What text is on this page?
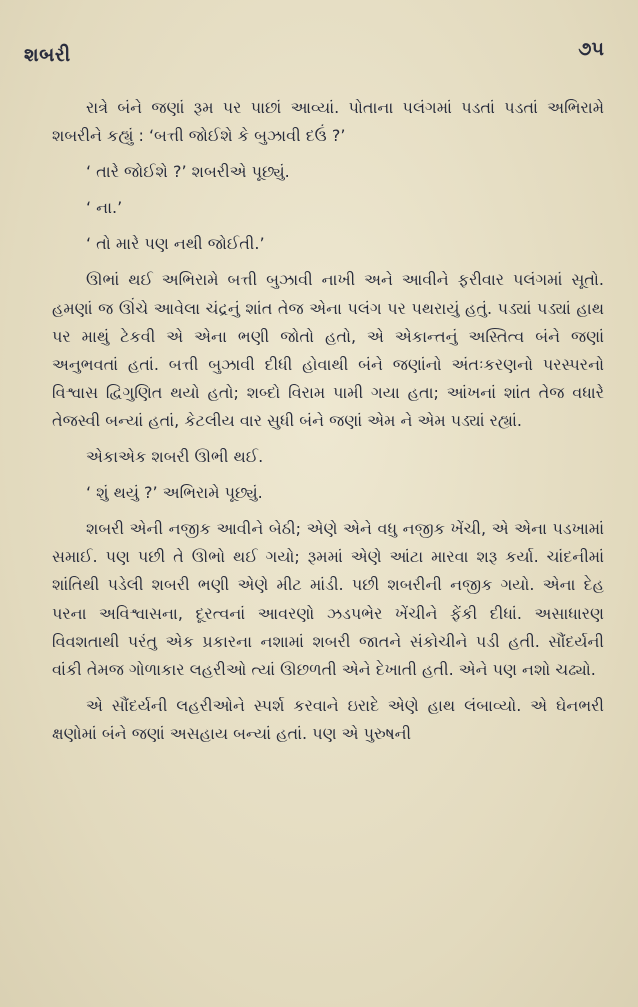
શબરી	૭૫

રાત્રે બંને જણાં રૂમ પર પાછાં આવ્યાં. પોતાના પલંગમાં પડતાં પડતાં અભિરામે શબરીને કહ્યું : ‘બત્તી જોઈશે કે બુઝાવી દઉં ?’

‘ તારે જોઈશે ?’ શબરીએ પૂછ્યું.

‘ ના.’

‘ તો મારે પણ નથી જોઈતી.’

ઊભાં થઈ અભિરામે બત્તી બુઝાવી નાખી અને આવીને ફરીવાર પલંગમાં સૂતો. હમણાં જ ઊંચે આવેલા ચંદ્રનું શાંત તેજ એના પલંગ પર પથરાયું હતું. પડ્યાં પડ્યાં હાથ પર માથું ટેકવી એ એના ભણી જોતો હતો, એ એકાન્તનું અસ્તિત્વ બંને જણાં અનુભવતાં હતાં. બત્તી બુઝાવી દીધી હોવાથી બંને જણાંનો અંતઃકરણનો પરસ્પરનો વિશ્વાસ દ્વિગુણિત થયો હતો; શબ્દો વિરામ પામી ગયા હતા; આંખનાં શાંત તેજ વધારે તેજસ્વી બન્યાં હતાં, કેટલીય વાર સુધી બંને જણાં એમ ને એમ પડ્યાં રહ્યાં.

એકાએક શબરી ઊભી થઈ.

‘ શું થયું ?’ અભિરામે પૂછ્યું.

શબરી એની નજીક આવીને બેઠી; એણે એને વધુ નજીક ખેંચી, એ એના પડખામાં સમાઈ. પણ પછી તે ઊભો થઈ ગયો; રૂમમાં એણે આંટા મારવા શરૂ કર્યા. ચાંદનીમાં શાંતિથી પડેલી શબરી ભણી એણે મીટ માંડી. પછી શબરીની નજીક ગયો. એના દેહ પરના અવિશ્વાસના, દૂરત્વનાં આવરણો ઝડપભેર ખેંચીને ફેંકી દીધાં. અસાધારણ વિવશતાથી પરંતુ એક પ્રકારના નશામાં શબરી જાતને સંકોચીને પડી હતી. સૌંદર્યની વાંકી તેમજ ગોળાકાર લહરીઓ ત્યાં ઊછળતી એને દેખાતી હતી. એને પણ નશો ચઢ્યો.

એ સૌંદર્યની લહરીઓને સ્પર્શ કરવાને ઇરાદે એણે હાથ લંબાવ્યો. એ ઘેનભરી ક્ષણોમાં બંને જણાં અસહાય બન્યાં હતાં. પણ એ પુરુષની
